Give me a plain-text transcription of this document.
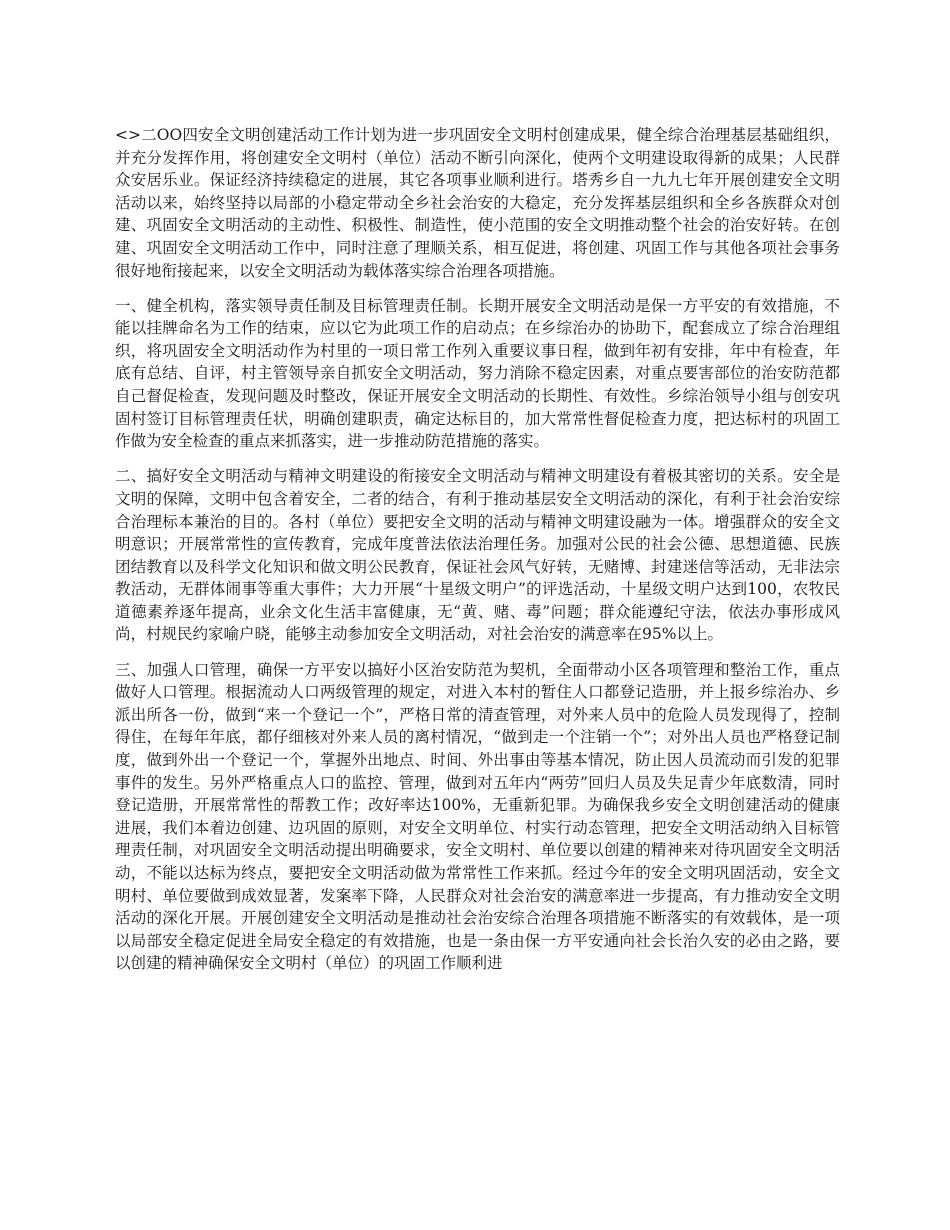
<>二OO四安全文明创建活动工作计划为进一步巩固安全文明村创建成果，健全综合治理基层基础组织，并充分发挥作用，将创建安全文明村（单位）活动不断引向深化，使两个文明建设取得新的成果；人民群众安居乐业。保证经济持续稳定的进展，其它各项事业顺利进行。塔秀乡自一九九七年开展创建安全文明活动以来，始终坚持以局部的小稳定带动全乡社会治安的大稳定，充分发挥基层组织和全乡各族群众对创建、巩固安全文明活动的主动性、积极性、制造性，使小范围的安全文明推动整个社会的治安好转。在创建、巩固安全文明活动工作中，同时注意了理顺关系，相互促进，将创建、巩固工作与其他各项社会事务很好地衔接起来，以安全文明活动为载体落实综合治理各项措施。

一、健全机构，落实领导责任制及目标管理责任制。长期开展安全文明活动是保一方平安的有效措施，不能以挂牌命名为工作的结束，应以它为此项工作的启动点；在乡综治办的协助下，配套成立了综合治理组织，将巩固安全文明活动作为村里的一项日常工作列入重要议事日程，做到年初有安排，年中有检查，年底有总结、自评，村主管领导亲自抓安全文明活动，努力消除不稳定因素，对重点要害部位的治安防范都自己督促检查，发现问题及时整改，保证开展安全文明活动的长期性、有效性。乡综治领导小组与创安巩固村签订目标管理责任状，明确创建职责，确定达标目的，加大常常性督促检查力度，把达标村的巩固工作做为安全检查的重点来抓落实，进一步推动防范措施的落实。

二、搞好安全文明活动与精神文明建设的衔接安全文明活动与精神文明建设有着极其密切的关系。安全是文明的保障，文明中包含着安全，二者的结合，有利于推动基层安全文明活动的深化，有利于社会治安综合治理标本兼治的目的。各村（单位）要把安全文明的活动与精神文明建设融为一体。增强群众的安全文明意识；开展常常性的宣传教育，完成年度普法依法治理任务。加强对公民的社会公德、思想道德、民族团结教育以及科学文化知识和做文明公民教育，保证社会风气好转，无赌博、封建迷信等活动，无非法宗教活动，无群体闹事等重大事件；大力开展“十星级文明户”的评选活动，十星级文明户达到100，农牧民道德素养逐年提高，业余文化生活丰富健康，无“黄、赌、毒”问题；群众能遵纪守法，依法办事形成风尚，村规民约家喻户晓，能够主动参加安全文明活动，对社会治安的满意率在95%以上。

三、加强人口管理，确保一方平安以搞好小区治安防范为契机，全面带动小区各项管理和整治工作，重点做好人口管理。根据流动人口两级管理的规定，对进入本村的暂住人口都登记造册，并上报乡综治办、乡派出所各一份，做到“来一个登记一个”，严格日常的清查管理，对外来人员中的危险人员发现得了，控制得住，在每年年底，都仔细核对外来人员的离村情况，“做到走一个注销一个”；对外出人员也严格登记制度，做到外出一个登记一个，掌握外出地点、时间、外出事由等基本情况，防止因人员流动而引发的犯罪事件的发生。另外严格重点人口的监控、管理，做到对五年内“两劳”回归人员及失足青少年底数清，同时登记造册，开展常常性的帮教工作；改好率达100%，无重新犯罪。为确保我乡安全文明创建活动的健康进展，我们本着边创建、边巩固的原则，对安全文明单位、村实行动态管理，把安全文明活动纳入目标管理责任制，对巩固安全文明活动提出明确要求，安全文明村、单位要以创建的精神来对待巩固安全文明活动，不能以达标为终点，要把安全文明活动做为常常性工作来抓。经过今年的安全文明巩固活动，安全文明村、单位要做到成效显著，发案率下降，人民群众对社会治安的满意率进一步提高，有力推动安全文明活动的深化开展。开展创建安全文明活动是推动社会治安综合治理各项措施不断落实的有效载体，是一项以局部安全稳定促进全局安全稳定的有效措施，也是一条由保一方平安通向社会长治久安的必由之路，要以创建的精神确保安全文明村（单位）的巩固工作顺利进
